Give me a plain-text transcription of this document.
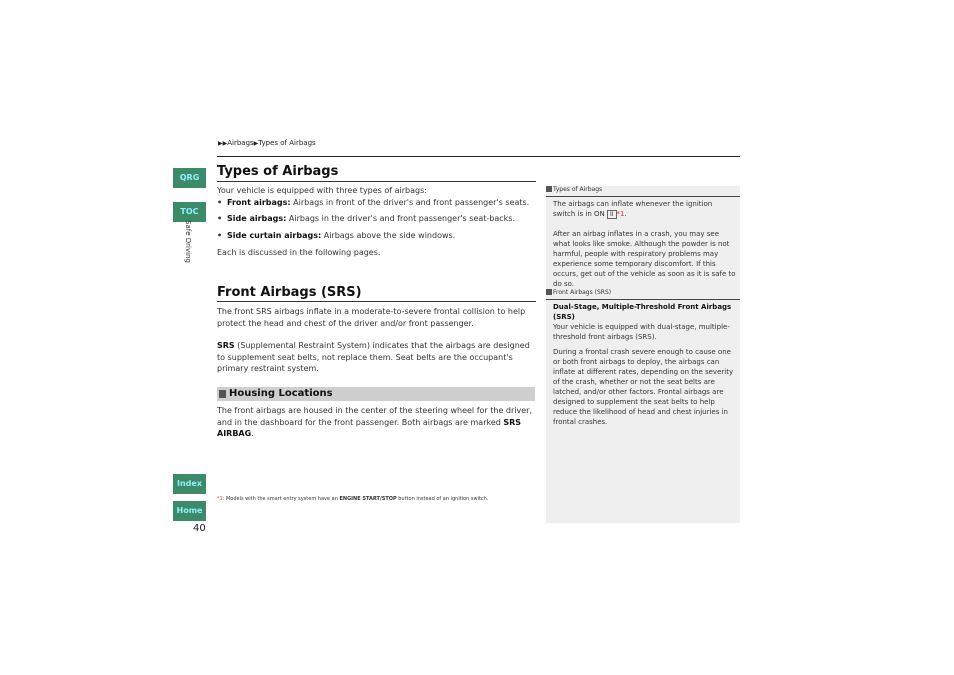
▶▶Airbags▶Types of Airbags
QRG
TOC
Safe Driving
Index
Home
40
Types of Airbags
Your vehicle is equipped with three types of airbags:
• Front airbags: Airbags in front of the driver's and front passenger's seats.
• Side airbags: Airbags in the driver's and front passenger's seat-backs.
• Side curtain airbags: Airbags above the side windows.
Each is discussed in the following pages.
Front Airbags (SRS)
The front SRS airbags inflate in a moderate-to-severe frontal collision to help protect the head and chest of the driver and/or front passenger.
SRS (Supplemental Restraint System) indicates that the airbags are designed to supplement seat belts, not replace them. Seat belts are the occupant's primary restraint system.
Housing Locations
The front airbags are housed in the center of the steering wheel for the driver, and in the dashboard for the front passenger. Both airbags are marked SRS AIRBAG.
*1: Models with the smart entry system have an ENGINE START/STOP button instead of an ignition switch.
Types of Airbags
The airbags can inflate whenever the ignition switch is in ON II *1.
After an airbag inflates in a crash, you may see what looks like smoke. Although the powder is not harmful, people with respiratory problems may experience some temporary discomfort. If this occurs, get out of the vehicle as soon as it is safe to do so.
Front Airbags (SRS)
Dual-Stage, Multiple-Threshold Front Airbags (SRS)
Your vehicle is equipped with dual-stage, multiple-threshold front airbags (SRS).
During a frontal crash severe enough to cause one or both front airbags to deploy, the airbags can inflate at different rates, depending on the severity of the crash, whether or not the seat belts are latched, and/or other factors. Frontal airbags are designed to supplement the seat belts to help reduce the likelihood of head and chest injuries in frontal crashes.
